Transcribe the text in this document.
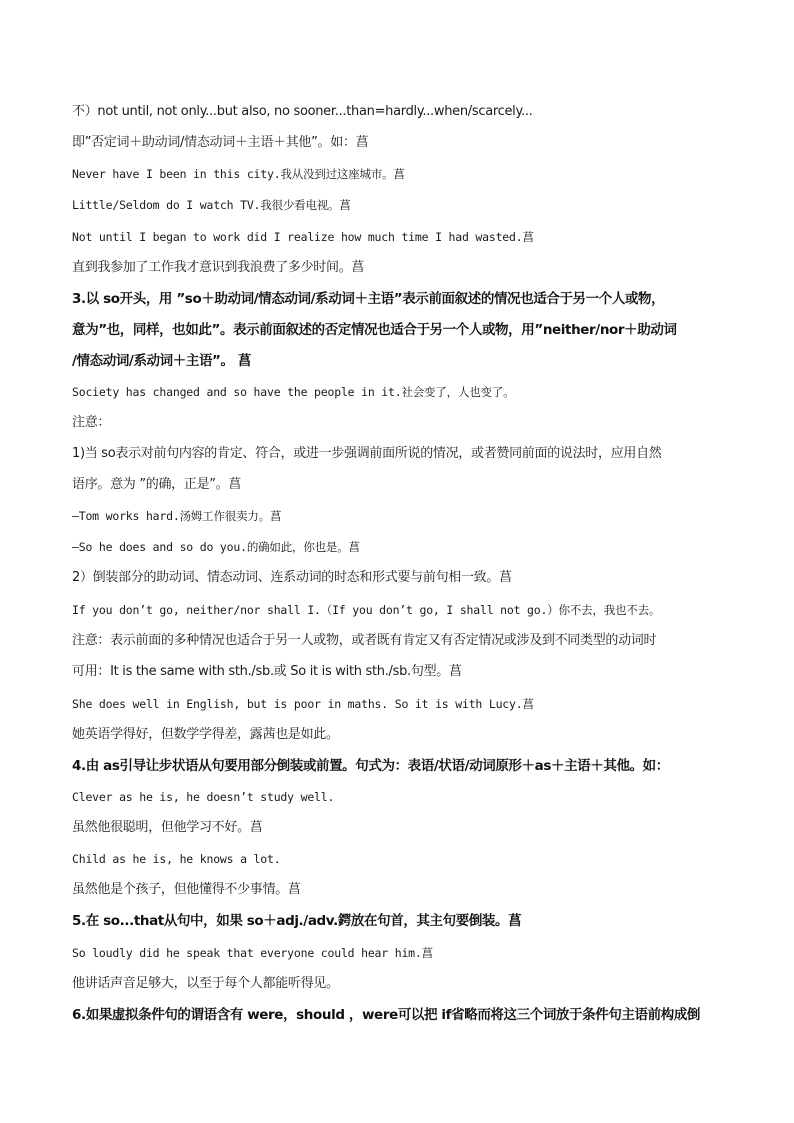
不）not until, not only...but also, no sooner...than=hardly...when/scarcely...
即”否定词＋助动词/情态动词＋主语＋其他”。如：菖
Never have I been in this city.我从没到过这座城市。菖
Little/Seldom do I watch TV.我很少看电视。菖
Not until I began to work did I realize how much time I had wasted.菖
直到我参加了工作我才意识到我浪费了多少时间。菖
3.以 so开头，用 ”so＋助动词/情态动词/系动词＋主语”表示前面叙述的情况也适合于另一个人或物，
意为”也，同样，也如此”。表示前面叙述的否定情况也适合于另一个人或物，用”neither/nor＋助动词
/情态动词/系动词＋主语”。 菖
Society has changed and so have the people in it.社会变了，人也变了。
注意：
1)当 so表示对前句内容的肯定、符合，或进一步强调前面所说的情况，或者赞同前面的说法时，应用自然
语序。意为 ”的确，正是”。菖
—Tom works hard.汤姆工作很卖力。菖
—So he does and so do you.的确如此，你也是。菖
2）倒装部分的助动词、情态动词、连系动词的时态和形式要与前句相一致。菖
If you don’t go, neither/nor shall I.（If you don’t go, I shall not go.）你不去，我也不去。
注意：表示前面的多种情况也适合于另一人或物，或者既有肯定又有否定情况或涉及到不同类型的动词时
可用：It is the same with sth./sb.或 So it is with sth./sb.句型。菖
She does well in English, but is poor in maths. So it is with Lucy.菖
她英语学得好，但数学学得差，露茜也是如此。
4.由 as引导让步状语从句要用部分倒装或前置。句式为：表语/状语/动词原形＋as＋主语＋其他。如：
Clever as he is, he doesn’t study well.
虽然他很聪明，但他学习不好。菖
Child as he is, he knows a lot.
虽然他是个孩子，但他懂得不少事情。菖
5.在 so...that从句中，如果 so＋adj./adv.鍔放在句首，其主句要倒装。菖
So loudly did he speak that everyone could hear him.菖
他讲话声音足够大，以至于每个人都能听得见。
6.如果虚拟条件句的谓语含有 were，should ，were可以把 if省略而将这三个词放于条件句主语前构成倒
